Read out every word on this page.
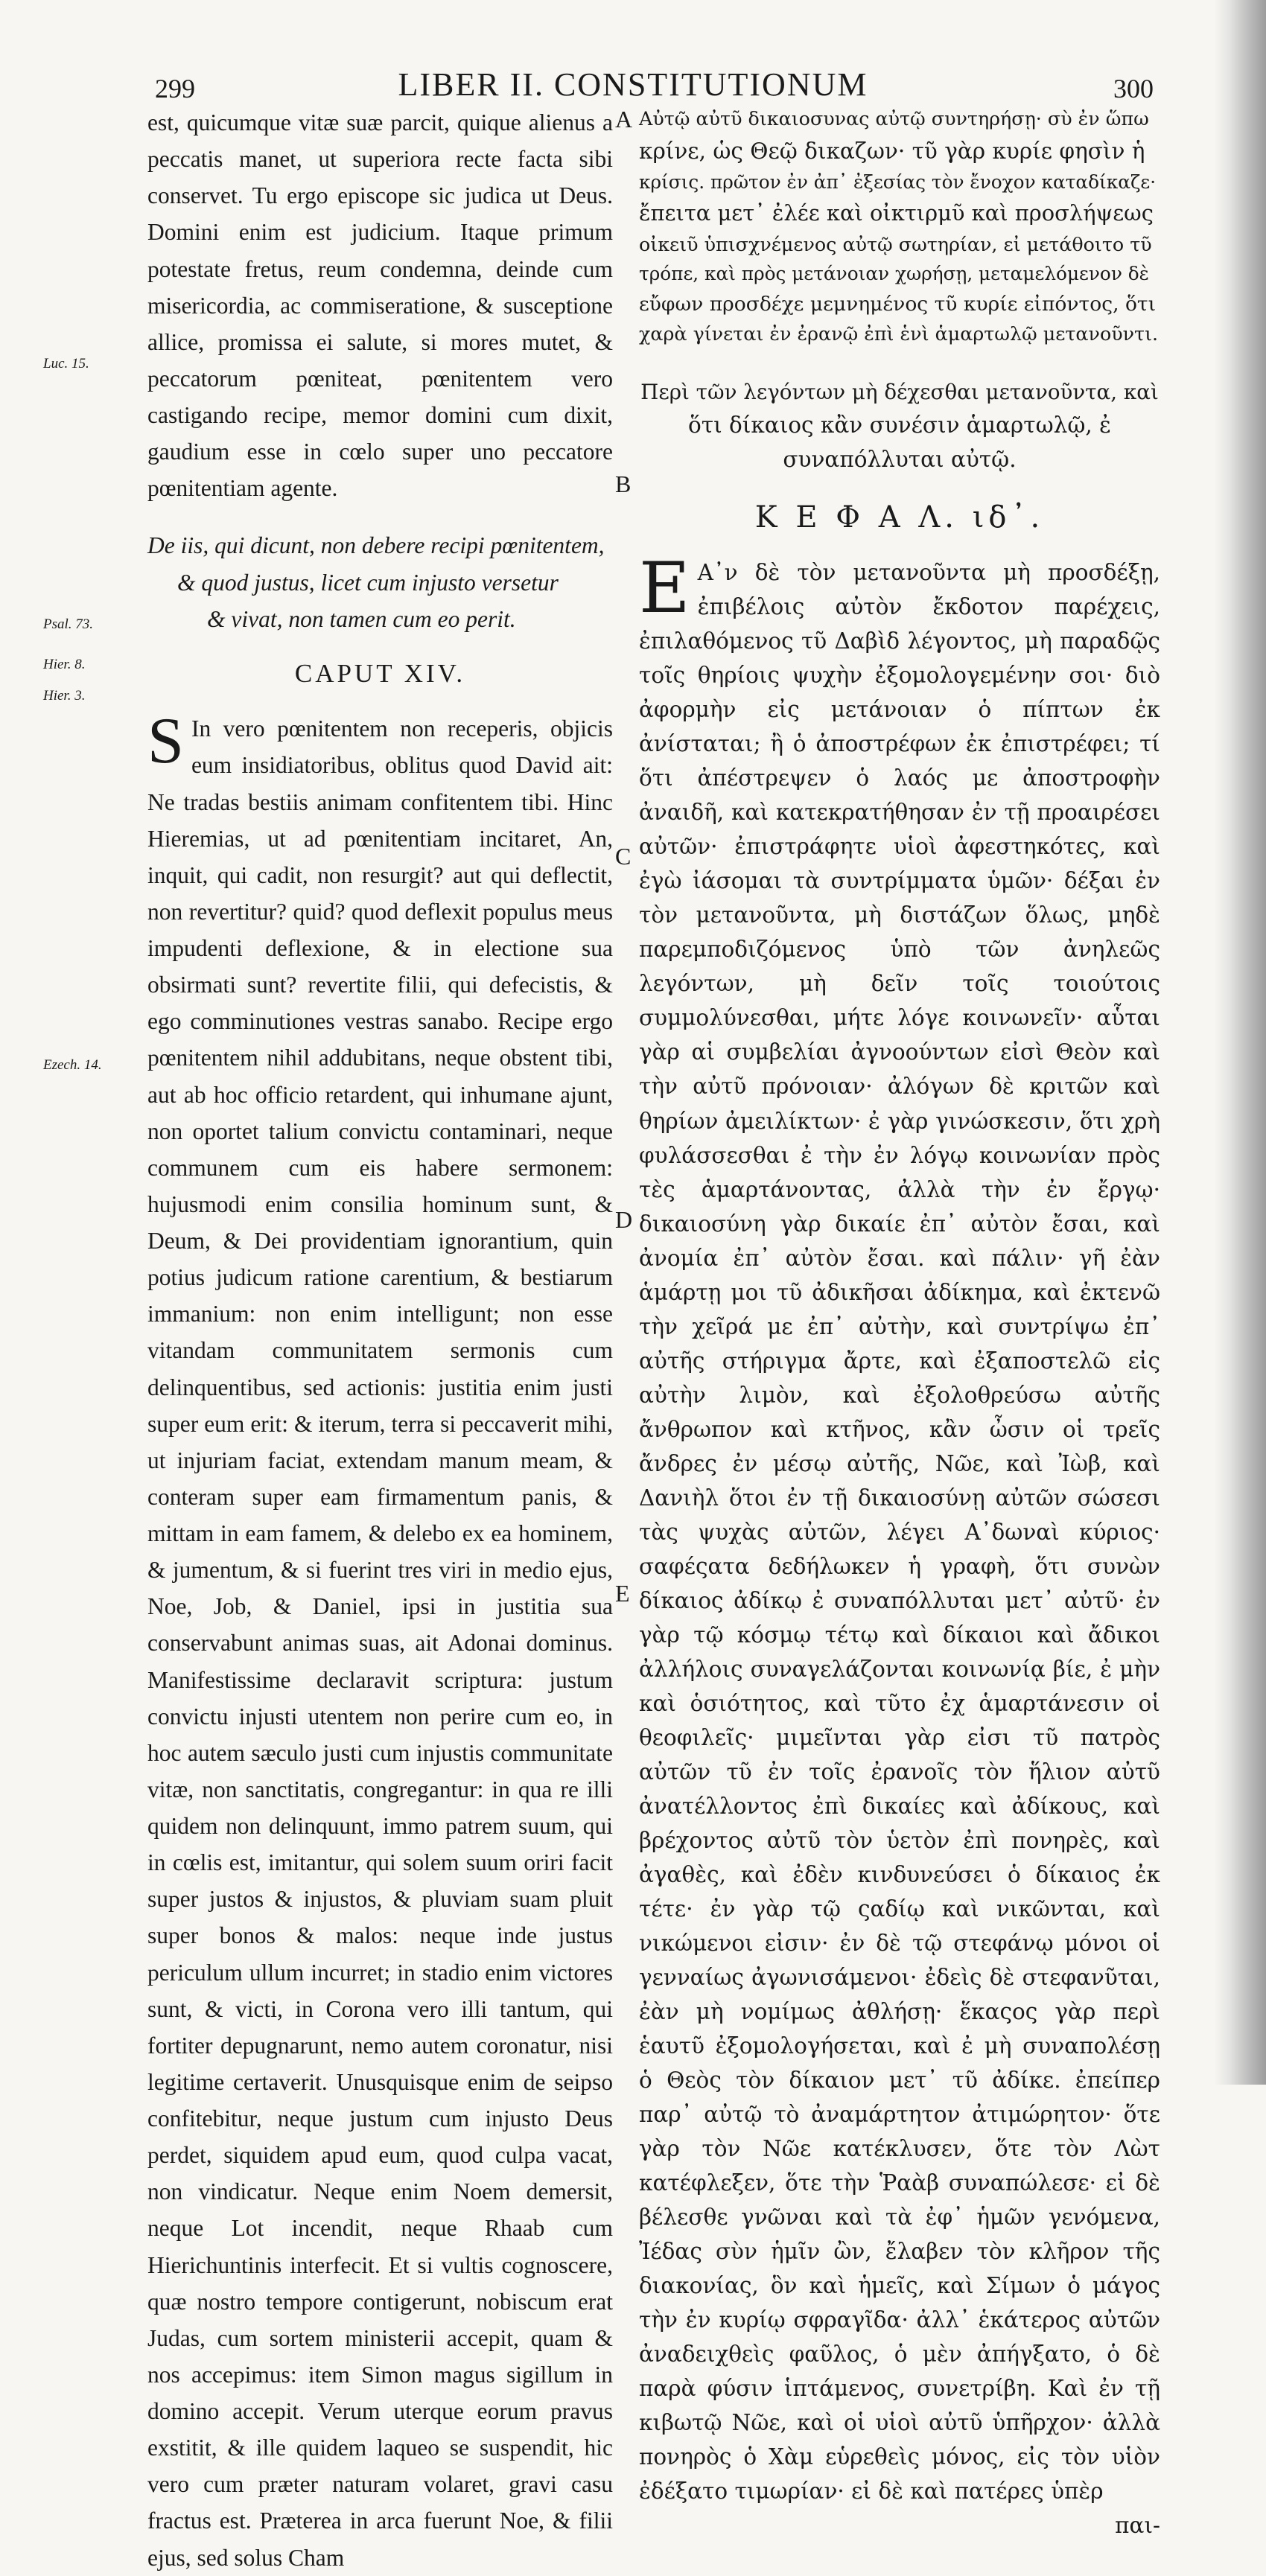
299	LIBER II. CONSTITUTIONUM	300
Luc. 15.
Psal. 73.
Hier. 8.
Hier. 3.
Ezech. 14.
A
B
C
D
E
est, quicumque vitæ suæ parcit, quique alienus a peccatis manet, ut superiora recte facta sibi conservet. Tu ergo episcope sic judica ut Deus. Domini enim est judicium. Itaque primum potestate fretus, reum condemna, deinde cum misericordia, ac commiseratione, & susceptione allice, promissa ei salute, si mores mutet, & peccatorum pœniteat, pœnitentem vero castigando recipe, memor domini cum dixit, gaudium esse in cœlo super uno peccatore pœnitentiam agente.
De iis, qui dicunt, non debere recipi pœnitentem,
& quod justus, licet cum injusto versetur
& vivat, non tamen cum eo perit.
CAPUT XIV.
S In vero pœnitentem non receperis, objicis eum insidiatoribus, oblitus quod David ait: Ne tradas bestiis animam confitentem tibi. Hinc Hieremias, ut ad pœnitentiam incitaret, An, inquit, qui cadit, non resurgit? aut qui deflectit, non revertitur? quid? quod deflexit populus meus impudenti deflexione, & in electione sua obsirmati sunt? revertite filii, qui defecistis, & ego comminutiones vestras sanabo. Recipe ergo pœnitentem nihil addubitans, neque obstent tibi, aut ab hoc officio retardent, qui inhumane ajunt, non oportet talium convictu contaminari, neque communem cum eis habere sermonem: hujusmodi enim consilia hominum sunt, & Deum, & Dei providentiam ignorantium, quin potius judicum ratione carentium, & bestiarum immanium: non enim intelligunt; non esse vitandam communitatem sermonis cum delinquentibus, sed actionis: justitia enim justi super eum erit: & iterum, terra si peccaverit mihi, ut injuriam faciat, extendam manum meam, & conteram super eam firmamentum panis, & mittam in eam famem, & delebo ex ea hominem, & jumentum, & si fuerint tres viri in medio ejus, Noe, Job, & Daniel, ipsi in justitia sua conservabunt animas suas, ait Adonai dominus. Manifestissime declaravit scriptura: justum convictu injusti utentem non perire cum eo, in hoc autem sæculo justi cum injustis communitate vitæ, non sanctitatis, congregantur: in qua re illi quidem non delinquunt, immo patrem suum, qui in cœlis est, imitantur, qui solem suum oriri facit super justos & injustos, & pluviam suam pluit super bonos & malos: neque inde justus periculum ullum incurret; in stadio enim victores sunt, & victi, in Corona vero illi tantum, qui fortiter depugnarunt, nemo autem coronatur, nisi legitime certaverit. Unusquisque enim de seipso confitebitur, neque justum cum injusto Deus perdet, siquidem apud eum, quod culpa vacat, non vindicatur. Neque enim Noem demersit, neque Lot incendit, neque Rhaab cum Hierichuntinis interfecit. Et si vultis cognoscere, quæ nostro tempore contigerunt, nobiscum erat Judas, cum sortem ministerii accepit, quam & nos accepimus: item Simon magus sigillum in domino accepit. Verum uterque eorum pravus exstitit, & ille quidem laqueo se suspendit, hic vero cum præter naturam volaret, gravi casu fractus est. Præterea in arca fuerunt Noe, & filii ejus, sed solus Cham
Αὐτῷ αὐτῦ δικαιοσυνας αὐτῷ συντηρήσῃ· σὺ ἐν ὥπω
κρίνε, ὡς Θεῷ δικαζων· τῦ γὰρ κυρίε φησὶν ἡ
κρίσις. πρῶτον ἐν ἀπ᾽ ἐξεσίας τὸν ἔνοχον καταδίκαζε·
ἔπειτα μετ᾽ ἐλέε καὶ οἰκτιρμῦ καὶ προσλήψεως
οἰκειῦ ὑπισχνέμενος αὐτῷ σωτηρίαν, εἰ μετάθοιτο τῦ
τρόπε, καὶ πρὸς μετάνοιαν χωρήσῃ, μεταμελόμενον δὲ
εὔφων προσδέχε μεμνημένος τῦ κυρίε εἰπόντος, ὅτι
χαρὰ γίνεται ἐν ἐρανῷ ἐπὶ ἑνὶ ἁμαρτωλῷ μετανοῦντι.
Περὶ τῶν λεγόντων μὴ δέχεσθαι μετανοῦντα, καὶ
ὅτι δίκαιος κἂν συνέσιν ἁμαρτωλῷ, ἐ
συναπόλλυται αὐτῷ.
Κ Ε Φ Α Λ. ιδ᾽.
Ε Α᾽ν δὲ τὸν μετανοῦντα μὴ προσδέξῃ, ἐπιβέλοις αὐτὸν ἔκδοτον παρέχεις, ἐπιλαθόμενος τῦ Δαβὶδ λέγοντος, μὴ παραδῷς τοῖς θηρίοις ψυχὴν ἐξομολογεμένην σοι· διὸ ἀφορμὴν εἰς μετάνοιαν ὁ πίπτων ἐκ ἀνίσταται; ἢ ὁ ἀποστρέφων ἐκ ἐπιστρέφει; τί ὅτι ἀπέστρεψεν ὁ λαός με ἀποστροφὴν ἀναιδῆ, καὶ κατεκρατήθησαν ἐν τῇ προαιρέσει αὐτῶν· ἐπιστράφητε υἱοὶ ἀφεστηκότες, καὶ ἐγὼ ἰάσομαι τὰ συντρίμματα ὑμῶν· δέξαι ἐν τὸν μετανοῦντα, μὴ διστάζων ὅλως, μηδὲ παρεμποδιζόμενος ὑπὸ τῶν ἀνηλεῶς λεγόντων, μὴ δεῖν τοῖς τοιούτοις συμμολύνεσθαι, μήτε λόγε κοινωνεῖν· αὗται γὰρ αἱ συμβελίαι ἀγνοούντων εἰσὶ Θεὸν καὶ τὴν αὐτῦ πρόνοιαν· ἀλόγων δὲ κριτῶν καὶ θηρίων ἀμειλίκτων· ἐ γὰρ γινώσκεσιν, ὅτι χρὴ φυλάσσεσθαι ἐ τὴν ἐν λόγῳ κοινωνίαν πρὸς τὲς ἁμαρτάνοντας, ἀλλὰ τὴν ἐν ἔργῳ· δικαιοσύνη γὰρ δικαίε ἐπ᾽ αὐτὸν ἔσαι, καὶ ἀνομία ἐπ᾽ αὐτὸν ἔσαι. καὶ πάλιν· γῆ ἐὰν ἁμάρτῃ μοι τῦ ἀδικῆσαι ἀδίκημα, καὶ ἐκτενῶ τὴν χεῖρά με ἐπ᾽ αὐτὴν, καὶ συντρίψω ἐπ᾽ αὐτῆς στήριγμα ἄρτε, καὶ ἐξαποστελῶ εἰς αὐτὴν λιμὸν, καὶ ἐξολοθρεύσω αὐτῆς ἄνθρωπον καὶ κτῆνος, κἂν ὦσιν οἱ τρεῖς ἄνδρες ἐν μέσῳ αὐτῆς, Νῶε, καὶ Ἰὼβ, καὶ Δανιὴλ ὅτοι ἐν τῇ δικαιοσύνῃ αὐτῶν σώσεσι τὰς ψυχὰς αὐτῶν, λέγει Α᾽δωναὶ κύριος· σαφέςατα δεδήλωκεν ἡ γραφὴ, ὅτι συνὼν δίκαιος ἀδίκῳ ἐ συναπόλλυται μετ᾽ αὐτῦ· ἐν γὰρ τῷ κόσμῳ τέτῳ καὶ δίκαιοι καὶ ἄδικοι ἀλλήλοις συναγελάζονται κοινωνίᾳ βίε, ἐ μὴν καὶ ὁσιότητος, καὶ τῦτο ἐχ ἁμαρτάνεσιν οἱ θεοφιλεῖς· μιμεῖνται γὰρ εἰσι τῦ πατρὸς αὐτῶν τῦ ἐν τοῖς ἐρανοῖς τὸν ἥλιον αὐτῦ ἀνατέλλοντος ἐπὶ δικαίες καὶ ἀδίκους, καὶ βρέχοντος αὐτῦ τὸν ὑετὸν ἐπὶ πονηρὲς, καὶ ἀγαθὲς, καὶ ἐδὲν κινδυνεύσει ὁ δίκαιος ἐκ τέτε· ἐν γὰρ τῷ ςαδίῳ καὶ νικῶνται, καὶ νικώμενοι εἰσιν· ἐν δὲ τῷ στεφάνῳ μόνοι οἱ γενναίως ἀγωνισάμενοι· ἐδεὶς δὲ στεφανῦται, ἐὰν μὴ νομίμως ἀθλήσῃ· ἕκαςος γὰρ περὶ ἑαυτῦ ἐξομολογήσεται, καὶ ἐ μὴ συναπολέσῃ ὁ Θεὸς τὸν δίκαιον μετ᾽ τῦ ἀδίκε. ἐπείπερ παρ᾽ αὐτῷ τὸ ἀναμάρτητον ἀτιμώρητον· ὅτε γὰρ τὸν Νῶε κατέκλυσεν, ὅτε τὸν Λὼτ κατέφλεξεν, ὅτε τὴν Ῥαὰβ συναπώλεσε· εἰ δὲ βέλεσθε γνῶναι καὶ τὰ ἐφ᾽ ἡμῶν γενόμενα, Ἰέδας σὺν ἡμῖν ὢν, ἔλαβεν τὸν κλῆρον τῆς διακονίας, ὃν καὶ ἡμεῖς, καὶ Σίμων ὁ μάγος τὴν ἐν κυρίῳ σφραγῖδα· ἀλλ᾽ ἑκάτερος αὐτῶν ἀναδειχθεὶς φαῦλος, ὁ μὲν ἀπήγξατο, ὁ δὲ παρὰ φύσιν ἱπτάμενος, συνετρίβη. Καὶ ἐν τῇ κιβωτῷ Νῶε, καὶ οἱ υἱοὶ αὐτῦ ὑπῆρχον· ἀλλὰ πονηρὸς ὁ Χὰμ εὑρεθεὶς μόνος, εἰς τὸν υἱὸν ἐδέξατο τιμωρίαν· εἰ δὲ καὶ πατέρες ὑπὲρ
παι-
